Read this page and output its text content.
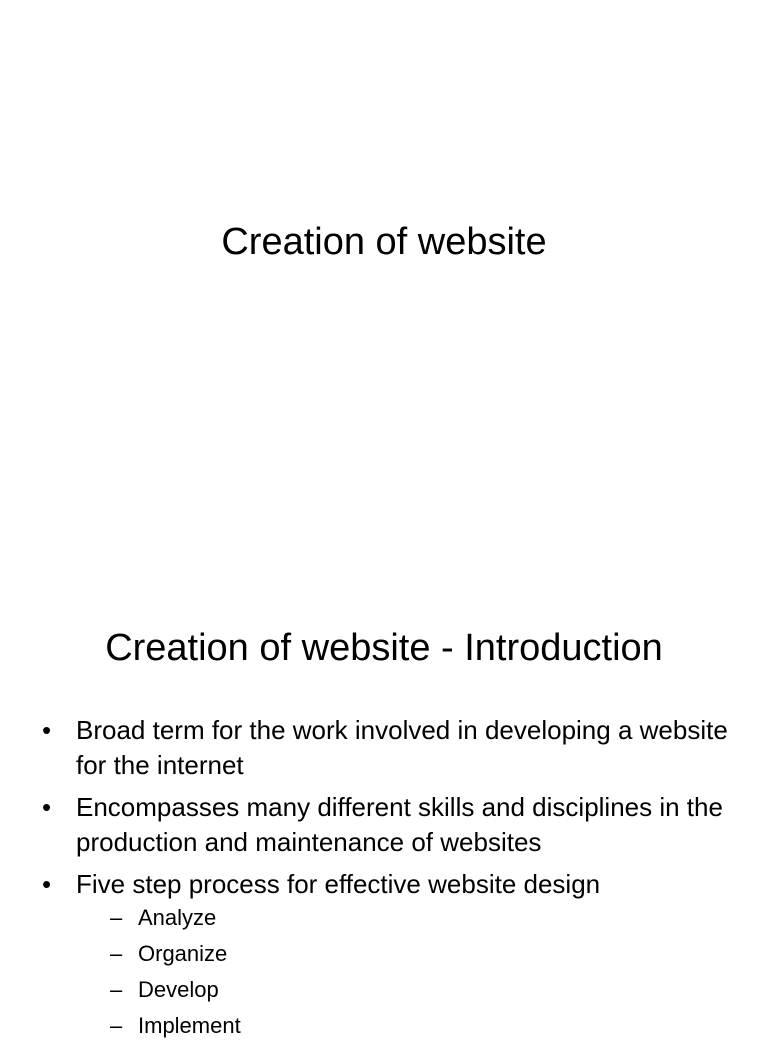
Creation of website
Creation of website - Introduction
• Broad term for the work involved in developing a website for the internet
• Encompasses many different skills and disciplines in the production and maintenance of websites
• Five step process for effective website design
– Analyze
– Organize
– Develop
– Implement
